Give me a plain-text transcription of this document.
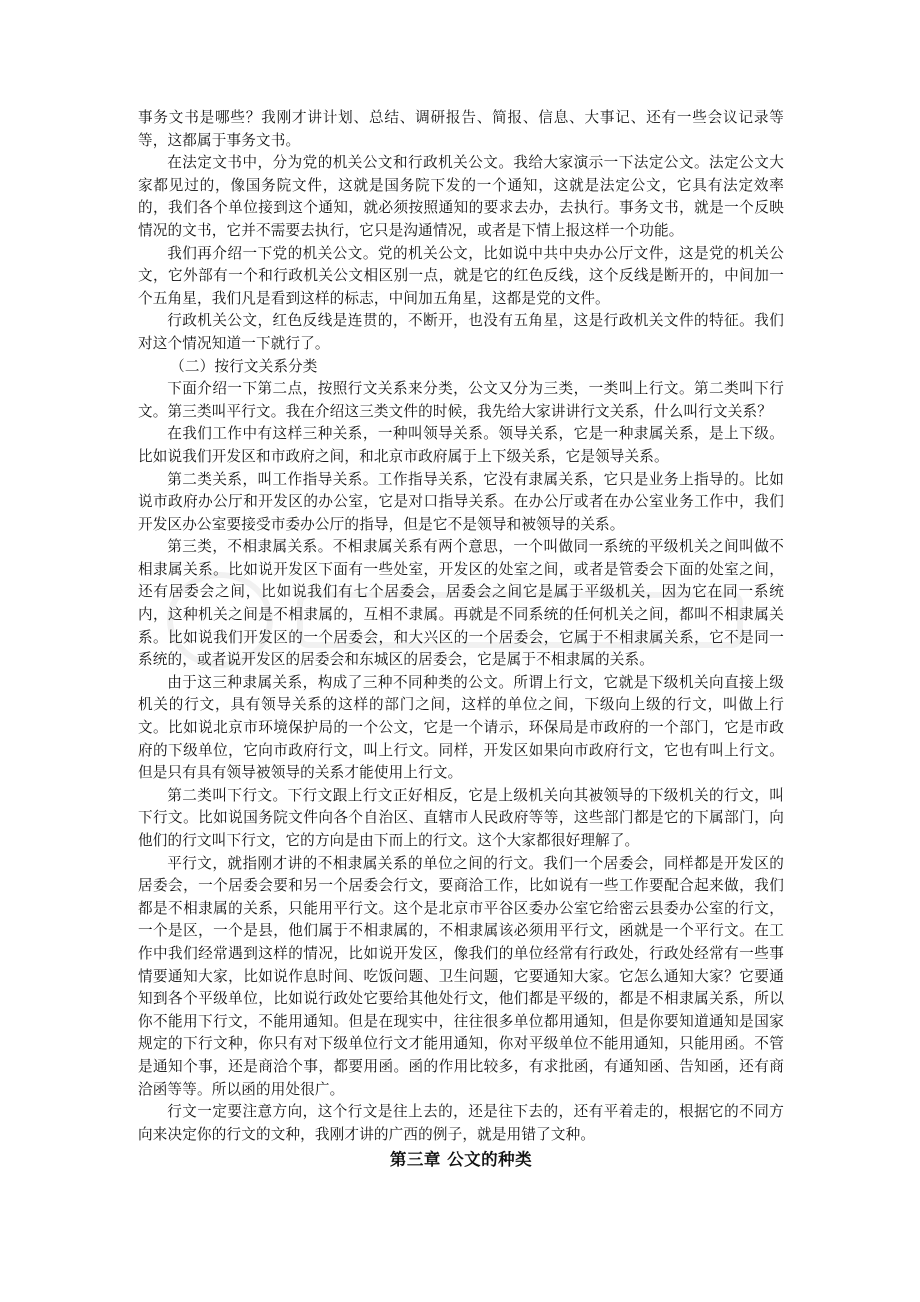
事务文书是哪些？我刚才讲计划、总结、调研报告、简报、信息、大事记、还有一些会议记录等等，这都属于事务文书。

在法定文书中，分为党的机关公文和行政机关公文。我给大家演示一下法定公文。法定公文大家都见过的，像国务院文件，这就是国务院下发的一个通知，这就是法定公文，它具有法定效率的，我们各个单位接到这个通知，就必须按照通知的要求去办，去执行。事务文书，就是一个反映情况的文书，它并不需要去执行，它只是沟通情况，或者是下情上报这样一个功能。

我们再介绍一下党的机关公文。党的机关公文，比如说中共中央办公厅文件，这是党的机关公文，它外部有一个和行政机关公文相区别一点，就是它的红色反线，这个反线是断开的，中间加一个五角星，我们凡是看到这样的标志，中间加五角星，这都是党的文件。

行政机关公文，红色反线是连贯的，不断开，也没有五角星，这是行政机关文件的特征。我们对这个情况知道一下就行了。

（二）按行文关系分类

下面介绍一下第二点，按照行文关系来分类，公文又分为三类，一类叫上行文。第二类叫下行文。第三类叫平行文。我在介绍这三类文件的时候，我先给大家讲讲行文关系，什么叫行文关系？

在我们工作中有这样三种关系，一种叫领导关系。领导关系，它是一种隶属关系，是上下级。比如说我们开发区和市政府之间，和北京市政府属于上下级关系，它是领导关系。

第二类关系，叫工作指导关系。工作指导关系，它没有隶属关系，它只是业务上指导的。比如说市政府办公厅和开发区的办公室，它是对口指导关系。在办公厅或者在办公室业务工作中，我们开发区办公室要接受市委办公厅的指导，但是它不是领导和被领导的关系。

第三类，不相隶属关系。不相隶属关系有两个意思，一个叫做同一系统的平级机关之间叫做不相隶属关系。比如说开发区下面有一些处室，开发区的处室之间，或者是管委会下面的处室之间，还有居委会之间，比如说我们有七个居委会，居委会之间它是属于平级机关，因为它在同一系统内，这种机关之间是不相隶属的，互相不隶属。再就是不同系统的任何机关之间，都叫不相隶属关系。比如说我们开发区的一个居委会，和大兴区的一个居委会，它属于不相隶属关系，它不是同一系统的，或者说开发区的居委会和东城区的居委会，它是属于不相隶属的关系。

由于这三种隶属关系，构成了三种不同种类的公文。所谓上行文，它就是下级机关向直接上级机关的行文，具有领导关系的这样的部门之间，这样的单位之间，下级向上级的行文，叫做上行文。比如说北京市环境保护局的一个公文，它是一个请示，环保局是市政府的一个部门，它是市政府的下级单位，它向市政府行文，叫上行文。同样，开发区如果向市政府行文，它也有叫上行文。但是只有具有领导被领导的关系才能使用上行文。

第二类叫下行文。下行文跟上行文正好相反，它是上级机关向其被领导的下级机关的行文，叫下行文。比如说国务院文件向各个自治区、直辖市人民政府等等，这些部门都是它的下属部门，向他们的行文叫下行文，它的方向是由下而上的行文。这个大家都很好理解了。

平行文，就指刚才讲的不相隶属关系的单位之间的行文。我们一个居委会，同样都是开发区的居委会，一个居委会要和另一个居委会行文，要商洽工作，比如说有一些工作要配合起来做，我们都是不相隶属的关系，只能用平行文。这个是北京市平谷区委办公室它给密云县委办公室的行文，一个是区，一个是县，他们属于不相隶属的，不相隶属该必须用平行文，函就是一个平行文。在工作中我们经常遇到这样的情况，比如说开发区，像我们的单位经常有行政处，行政处经常有一些事情要通知大家，比如说作息时间、吃饭问题、卫生问题，它要通知大家。它怎么通知大家？它要通知到各个平级单位，比如说行政处它要给其他处行文，他们都是平级的，都是不相隶属关系，所以你不能用下行文，不能用通知。但是在现实中，往往很多单位都用通知，但是你要知道通知是国家规定的下行文种，你只有对下级单位行文才能用通知，你对平级单位不能用通知，只能用函。不管是通知个事，还是商洽个事，都要用函。函的作用比较多，有求批函，有通知函、告知函，还有商洽函等等。所以函的用处很广。

行文一定要注意方向，这个行文是往上去的，还是往下去的，还有平着走的，根据它的不同方向来决定你的行文的文种，我刚才讲的广西的例子，就是用错了文种。

第三章 公文的种类
